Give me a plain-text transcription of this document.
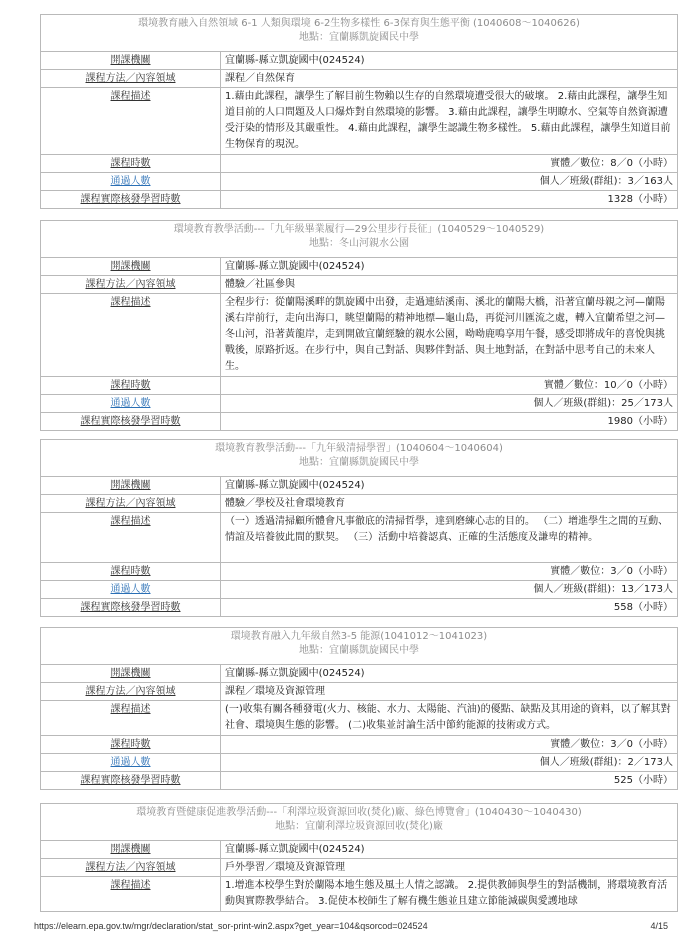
環境教育融入自然領域 6-1 人類與環境 6-2生物多樣性 6-3保育與生態平衡 (1040608～1040626)
地點：宜蘭縣凱旋國民中學	

開課機關	宜蘭縣-縣立凱旋國中(024524)
課程方法／內容領域	課程／自然保育
課程描述	1.藉由此課程，讓學生了解目前生物賴以生存的自然環境遭受很大的破壞。 2.藉由此課程，讓學生知道目前的人口問題及人口爆炸對自然環境的影響。 3.藉由此課程，讓學生明瞭水、空氣等自然資源遭受汙染的情形及其嚴重性。 4.藉由此課程，讓學生認識生物多樣性。 5.藉由此課程，讓學生知道目前生物保育的現況。
課程時數	實體／數位：8／0（小時）
通過人數	個人／班級(群組)：3／163人
課程實際核發學習時數	1328（小時）
環境教育教學活動---「九年級畢業履行—29公里步行長征」(1040529～1040529)
地點：冬山河親水公園	

開課機關	宜蘭縣-縣立凱旋國中(024524)
課程方法／內容領域	體驗／社區參與
課程描述	全程步行：從蘭陽溪畔的凱旋國中出發，走過連結溪南、溪北的蘭陽大橋，沿著宜蘭母親之河—蘭陽溪右岸前行，走向出海口，眺望蘭陽的精神地標—龜山島，再從河川匯流之處，轉入宜蘭希望之河—冬山河，沿著黃龍岸，走到開啟宜蘭經驗的親水公園，呦呦鹿鳴享用午餐，感受即將成年的喜悅與挑戰後，原路折返。在步行中，與自己對話、與夥伴對話、與土地對話，在對話中思考自己的未來人生。
課程時數	實體／數位：10／0（小時）
通過人數	個人／班級(群組)：25／173人
課程實際核發學習時數	1980（小時）
環境教育教學活動---「九年級清掃學習」(1040604～1040604)
地點：宜蘭縣凱旋國民中學	

開課機關	宜蘭縣-縣立凱旋國中(024524)
課程方法／內容領域	體驗／學校及社會環境教育
課程描述	（一）透過清掃顧所體會凡事徹底的清掃哲學，達到磨練心志的目的。 （二）增進學生之間的互動、情誼及培養彼此間的默契。 （三）活動中培養認真、正確的生活態度及謙卑的精神。
課程時數	實體／數位：3／0（小時）
通過人數	個人／班級(群組)：13／173人
課程實際核發學習時數	558（小時）
環境教育融入九年級自然3-5 能源(1041012～1041023)
地點：宜蘭縣凱旋國民中學	

開課機關	宜蘭縣-縣立凱旋國中(024524)
課程方法／內容領域	課程／環境及資源管理
課程描述	(一)收集有關各種發電(火力、核能、水力、太陽能、汽油)的優點、缺點及其用途的資料，以了解其對社會、環境與生態的影響。 (二)收集並討論生活中節約能源的技術或方式。
課程時數	實體／數位：3／0（小時）
通過人數	個人／班級(群組)：2／173人
課程實際核發學習時數	525（小時）
環境教育暨健康促進教學活動---「利澤垃圾資源回收(焚化)廠、綠色博覽會」(1040430～1040430)
地點：宜蘭利澤垃圾資源回收(焚化)廠	

開課機關	宜蘭縣-縣立凱旋國中(024524)
課程方法／內容領域	戶外學習／環境及資源管理
課程描述	1.增進本校學生對於蘭陽本地生態及風土人情之認識。 2.提供教師與學生的對話機制，將環境教育活動與實際教學結合。 3.促使本校師生了解有機生態並且建立節能減碳與愛護地球
https://elearn.epa.gov.tw/mgr/declaration/stat_sor-print-win2.aspx?get_year=104&qsorcod=024524	4/15
